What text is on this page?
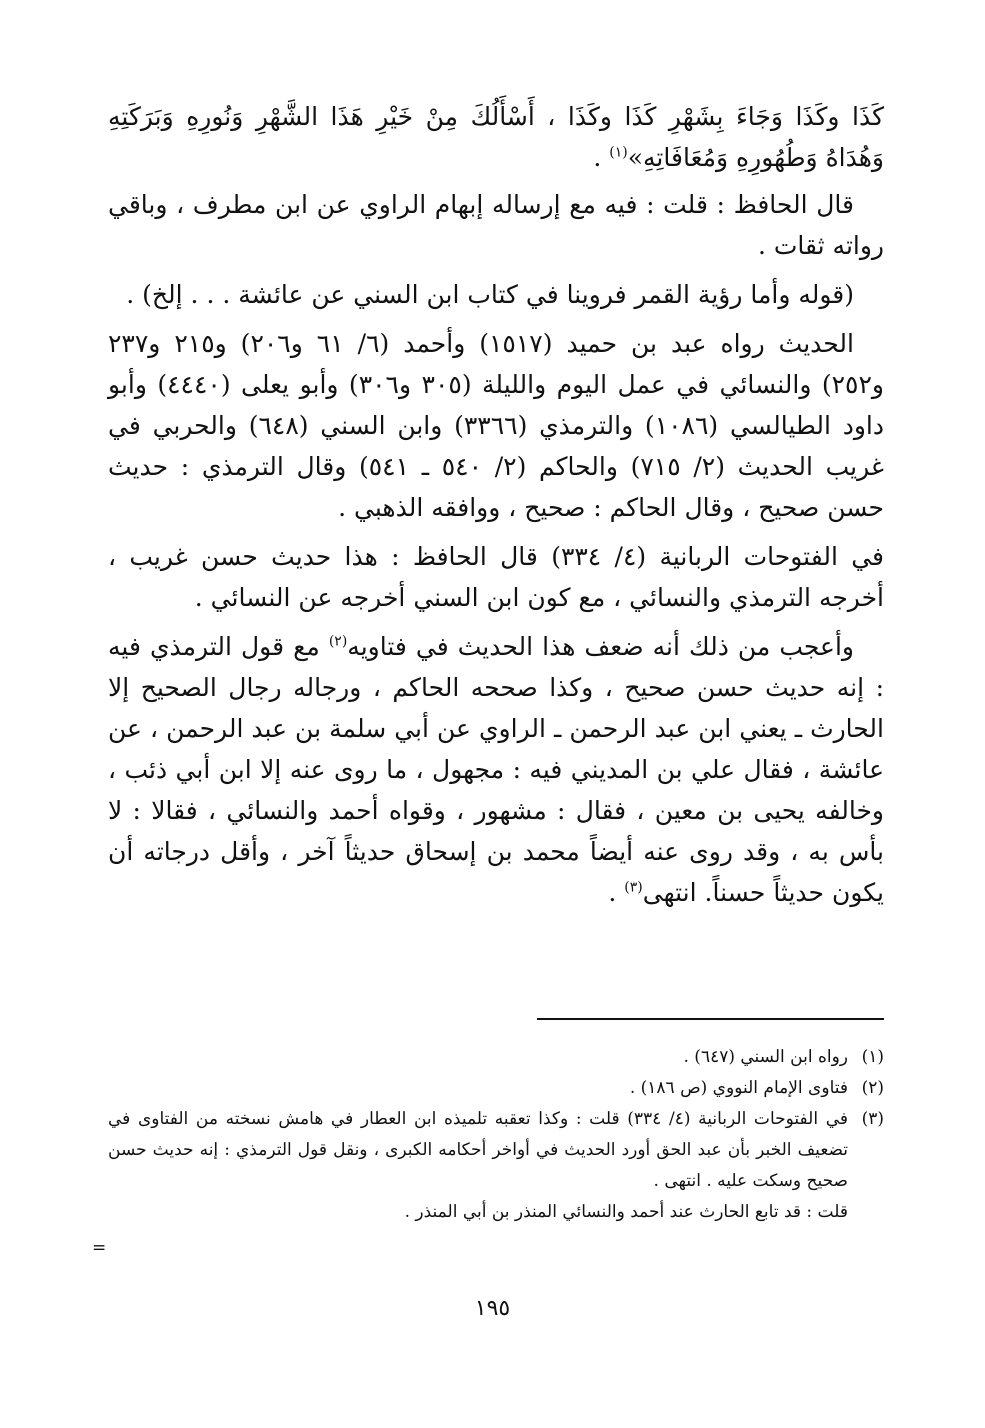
كَذَا وكَذَا وَجَاءَ بِشَهْرِ كَذَا وكَذَا ، أَسْأَلُكَ مِنْ خَيْرِ هَذَا الشَّهْرِ وَنُورِهِ وَبَرَكَتِهِ وَهُدَاهُ وَطُهُورِهِ وَمُعَافَاتِهِ»$^{(١)}$ .

قال الحافظ : قلت : فيه مع إرساله إبهام الراوي عن ابن مطرف ، وباقي رواته ثقات .

(قوله وأما رؤية القمر فروينا في كتاب ابن السني عن عائشة . . . إلخ) .

الحديث رواه عبد بن حميد (١٥١٧) وأحمد (٦/ ٦١ و٢٠٦) و٢١٥ و٢٣٧ و٢٥٢) والنسائي في عمل اليوم والليلة (٣٠٥ و٣٠٦) وأبو يعلى (٤٤٤٠) وأبو داود الطيالسي (١٠٨٦) والترمذي (٣٣٦٦) وابن السني (٦٤٨) والحربي في غريب الحديث (٢/ ٧١٥) والحاكم (٢/ ٥٤٠ ـ ٥٤١) وقال الترمذي : حديث حسن صحيح ، وقال الحاكم : صحيح ، ووافقه الذهبي .

في الفتوحات الربانية (٤/ ٣٣٤) قال الحافظ : هذا حديث حسن غريب ، أخرجه الترمذي والنسائي ، مع كون ابن السني أخرجه عن النسائي .

وأعجب من ذلك أنه ضعف هذا الحديث في فتاويه$^{(٢)}$ مع قول الترمذي فيه : إنه حديث حسن صحيح ، وكذا صححه الحاكم ، ورجاله رجال الصحيح إلا الحارث ـ يعني ابن عبد الرحمن ـ الراوي عن أبي سلمة بن عبد الرحمن ، عن عائشة ، فقال علي بن المديني فيه : مجهول ، ما روى عنه إلا ابن أبي ذئب ، وخالفه يحيى بن معين ، فقال : مشهور ، وقواه أحمد والنسائي ، فقالا : لا بأس به ، وقد روى عنه أيضاً محمد بن إسحاق حديثاً آخر ، وأقل درجاته أن يكون حديثاً حسناً. انتهى$^{(٣)}$ .

(١)
رواه ابن السني (٦٤٧) .
(٢)
فتاوى الإمام النووي (ص ١٨٦) .
(٣)
في الفتوحات الربانية (٤/ ٣٣٤) قلت : وكذا تعقبه تلميذه ابن العطار في هامش نسخته من الفتاوى في تضعيف الخبر بأن عبد الحق أورد الحديث في أواخر أحكامه الكبرى ، ونقل قول الترمذي : إنه حديث حسن صحيح وسكت عليه . انتهى .
قلت : قد تابع الحارث عند أحمد والنسائي المنذر بن أبي المنذر .
=
١٩٥
